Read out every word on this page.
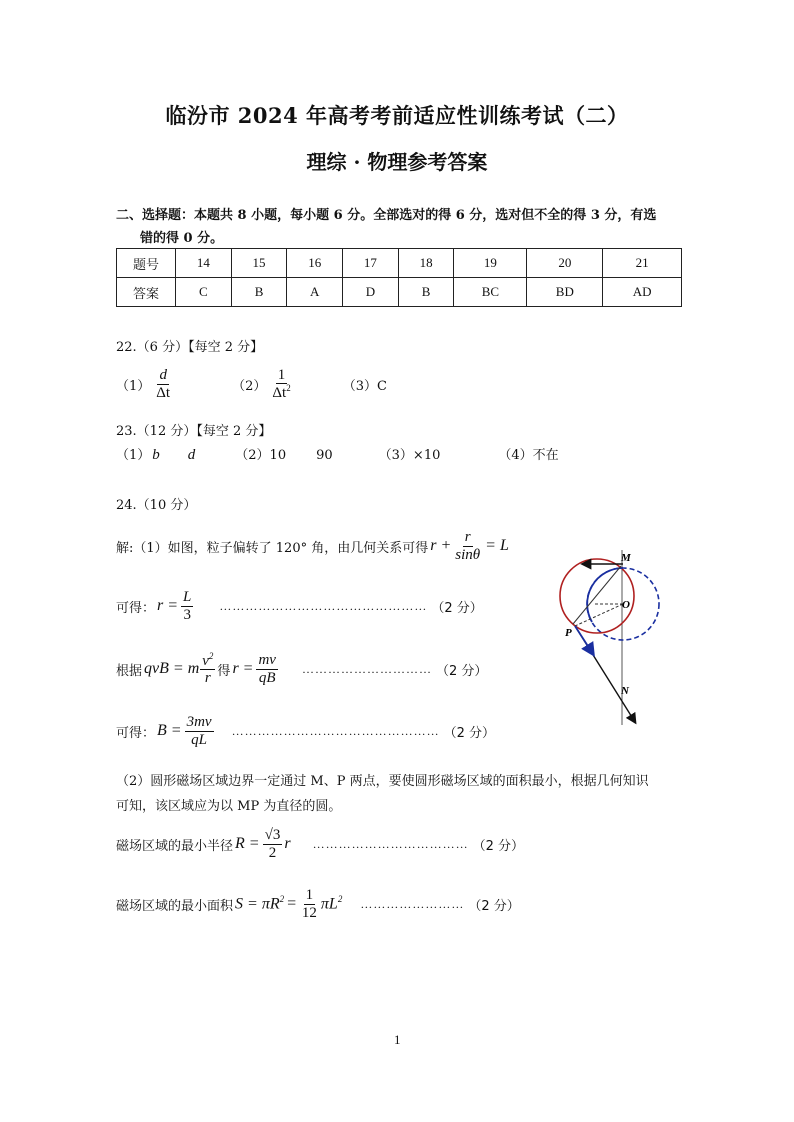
临汾市 2024 年高考考前适应性训练考试（二）
理综 · 物理参考答案
二、选择题：本题共 8 小题，每小题 6 分。全部选对的得 6 分，选对但不全的得 3 分，有选
错的得 0 分。
题号	14	15	16	17	18	19	20	21
答案	C	B	A	D	B	BC	BD	AD
22.（6 分）【每空 2 分】
$(1) \frac{d}{\Delta t}$	$(2) \frac{1}{\Delta t^2}$	（3）C
23.（12 分）【每空 2 分】
（1） b d	（2）10 90	（3）×10	（4）不在
24.（10 分）
解:（1）如图，粒子偏转了 120° 角，由几何关系可得 $r + \frac{r}{\sin\theta} = L$
可得： $r = \frac{L}{3}$ ………………………………………… （2 分）
根据 qvB = m $\frac{v^2}{r}$ 得 $r = \frac{mv}{qB}$ ………………………… （2 分）
可得： $B = \frac{3mv}{qL}$ ………………………………………… （2 分）
（2）圆形磁场区域边界一定通过 M、P 两点，要使圆形磁场区域的面积最小，根据几何知识
可知，该区域应为以 MP 为直径的圆。
磁场区域的最小半径 $R = \frac{√3}{2}$ r ……………………………… （2 分）
磁场区域的最小面积 $S = \pi R^2 = \frac{1}{12} \pi L^2$ …………………… （2 分）
M
O
P
N
1
